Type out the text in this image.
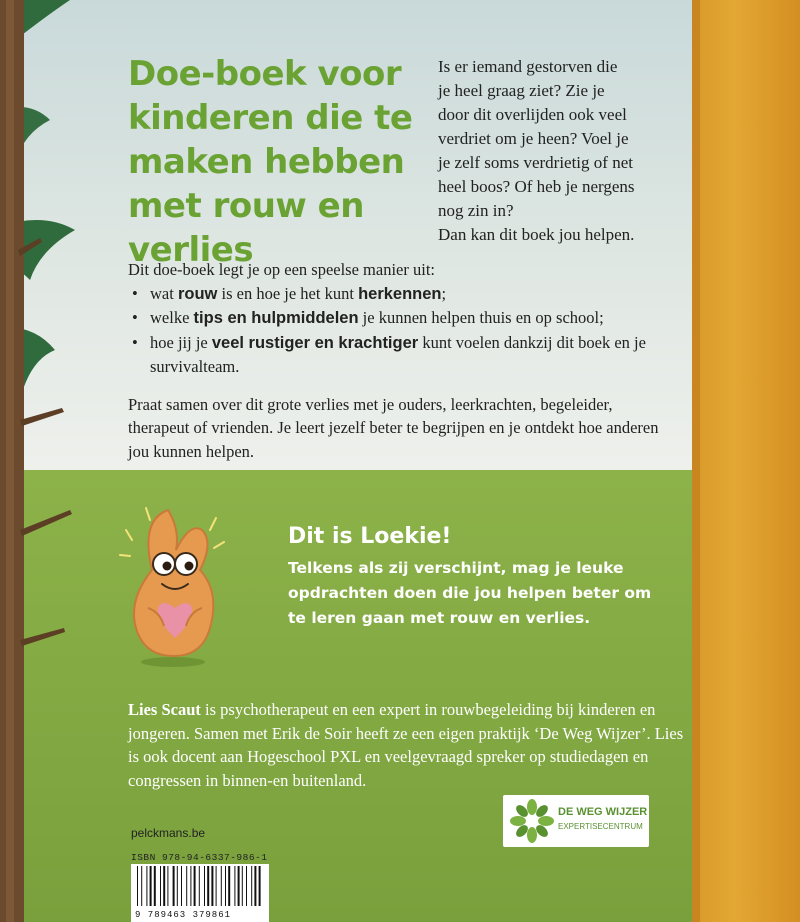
Doe-boek voor kinderen die te maken hebben met rouw en verlies

Is er iemand gestorven die
je heel graag ziet? Zie je
door dit overlijden ook veel
verdriet om je heen? Voel je
je zelf soms verdrietig of net
heel boos? Of heb je nergens
nog zin in?
Dan kan dit boek jou helpen.

Dit doe-boek legt je op een speelse manier uit:

• wat rouw is en hoe je het kunt herkennen;
• welke tips en hulpmiddelen je kunnen helpen thuis en op school;
• hoe jij je veel rustiger en krachtiger kunt voelen dankzij dit boek en je survivalteam.

Praat samen over dit grote verlies met je ouders, leerkrachten, begeleider, therapeut of vrienden. Je leert jezelf beter te begrijpen en je ontdekt hoe anderen jou kunnen helpen.

Dit is Loekie!

Telkens als zij verschijnt, mag je leuke opdrachten doen die jou helpen beter om te leren gaan met rouw en verlies.

Lies Scaut is psychotherapeut en een expert in rouwbegeleiding bij kinderen en jongeren. Samen met Erik de Soir heeft ze een eigen praktijk ‘De Weg Wijzer’. Lies is ook docent aan Hogeschool PXL en veelgevraagd spreker op studiedagen en congressen in binnen-en buitenland.

DE WEG WIJZER
EXPERTISECENTRUM
pelckmans.be
ISBN 978-94-6337-986-1
9 789463 379861
